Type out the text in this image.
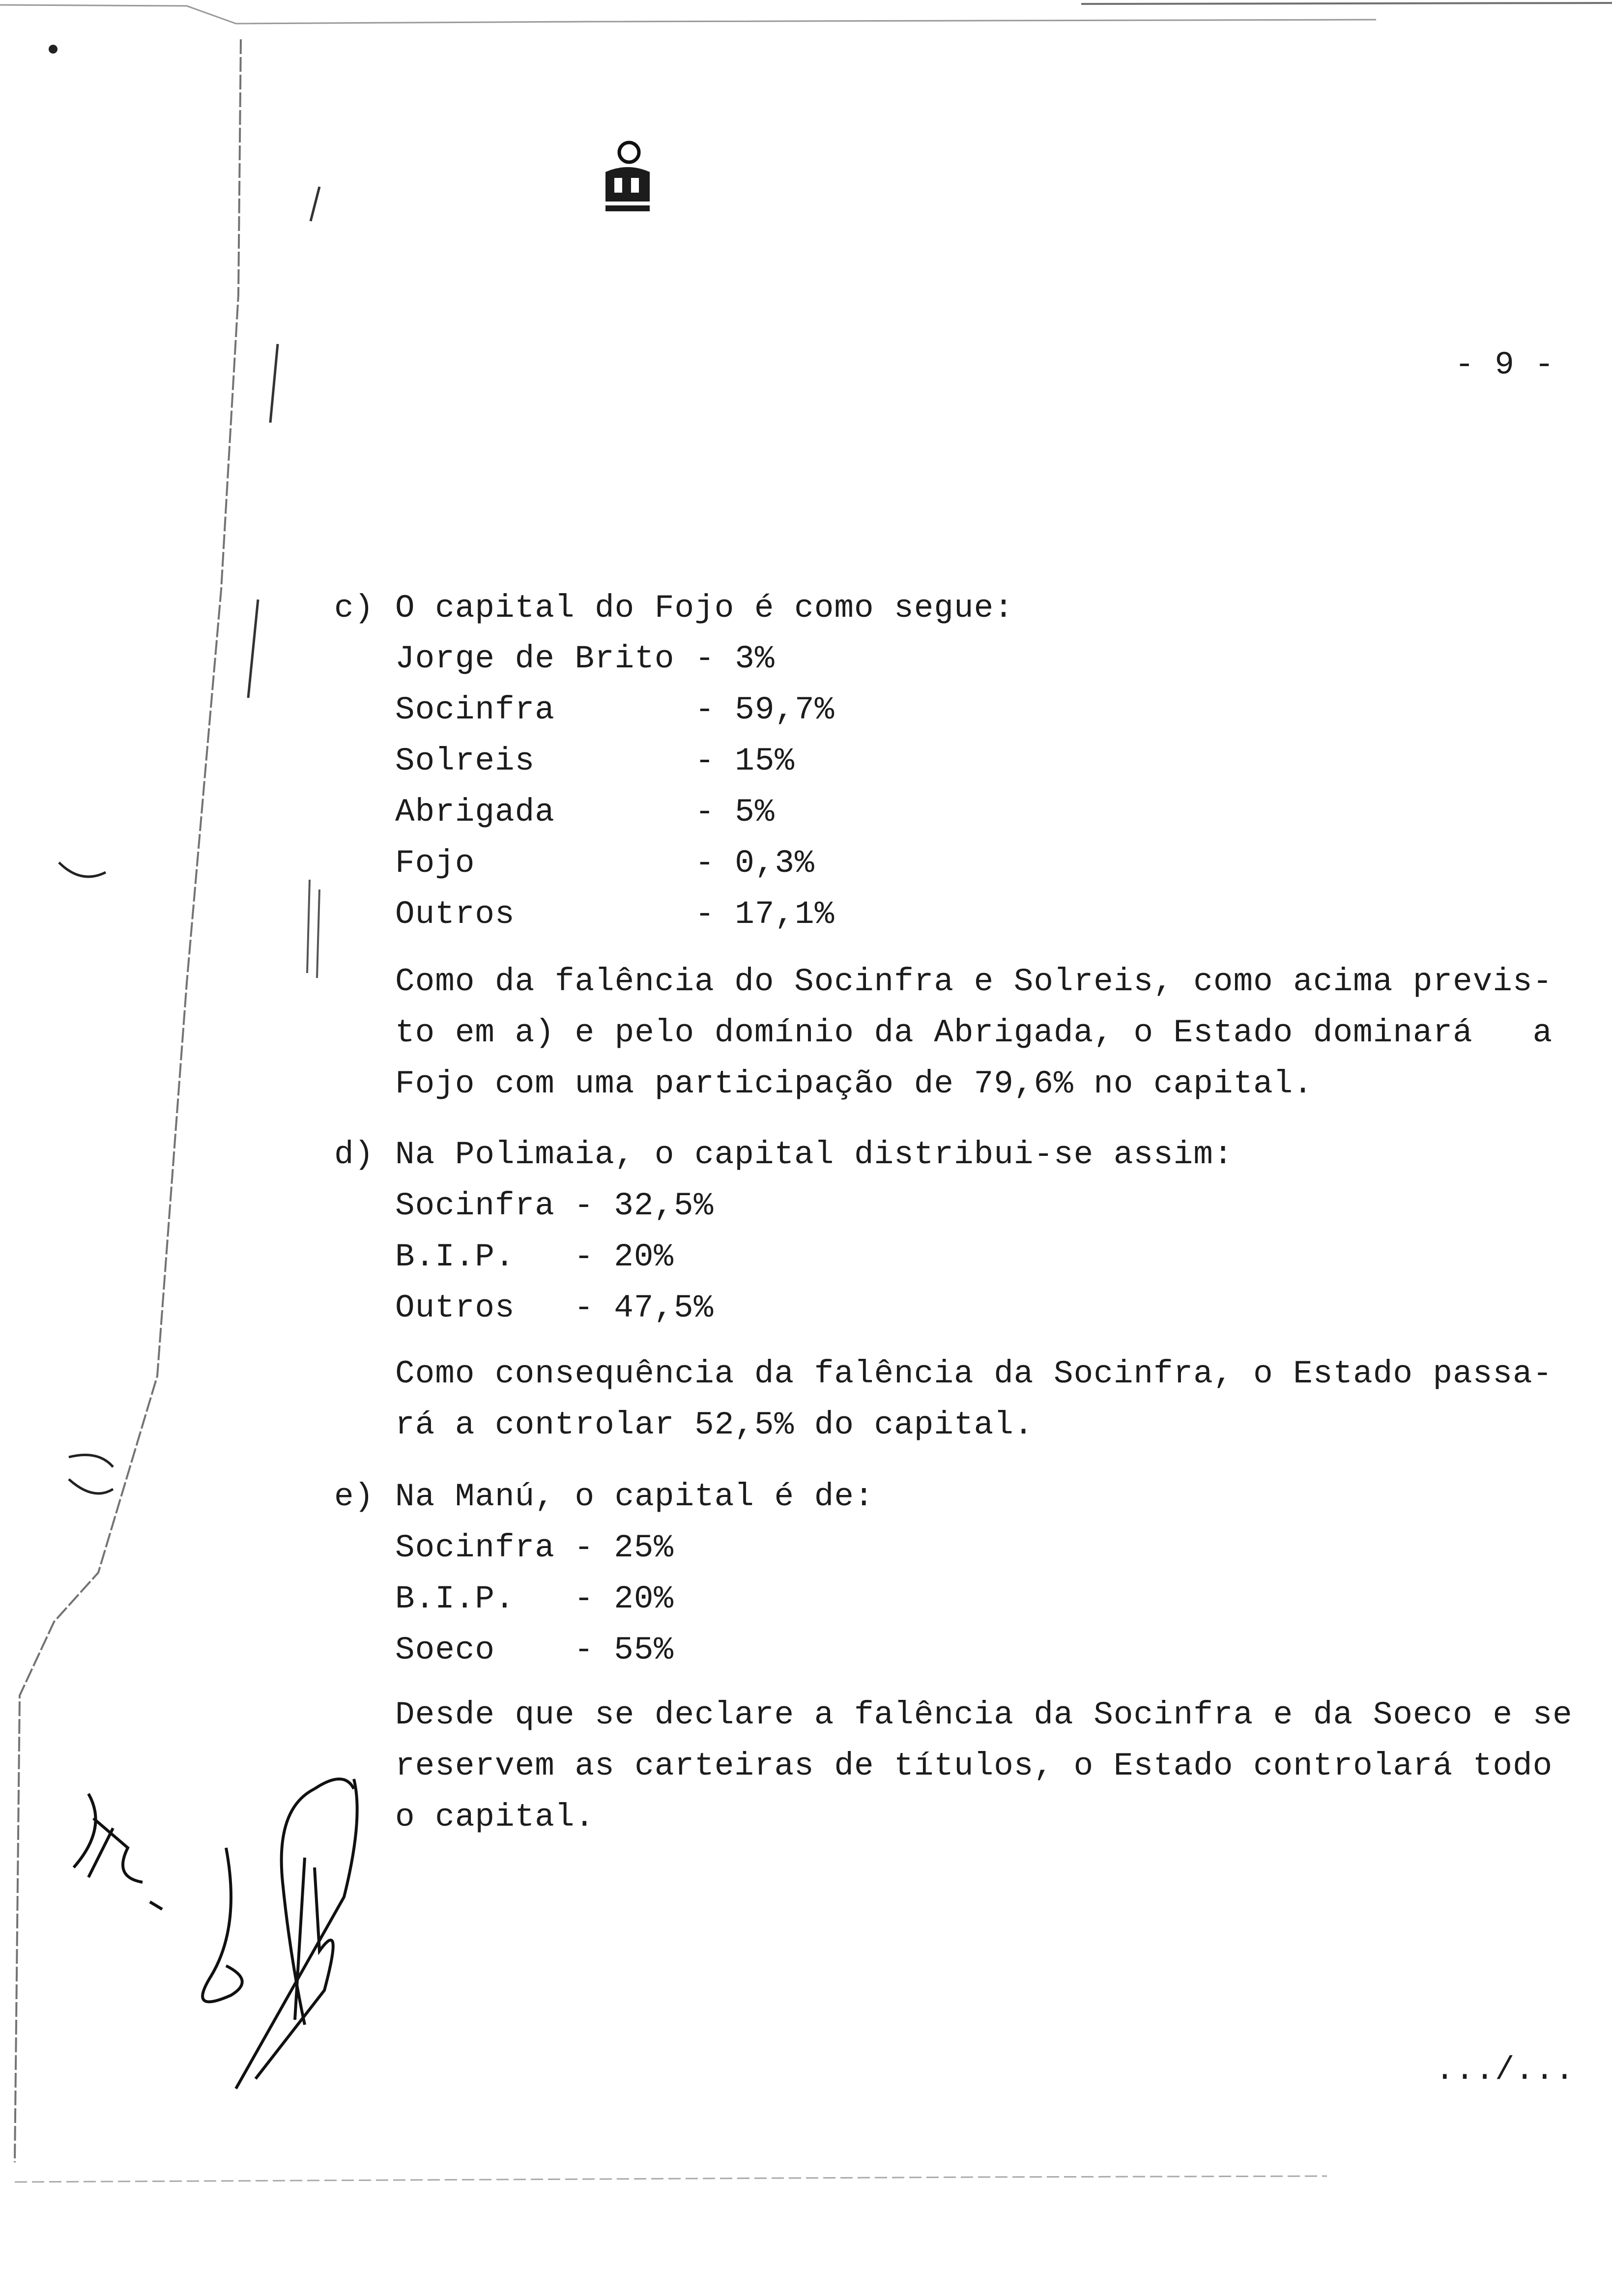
- 9 -
c) O capital do Fojo é como segue:
Jorge de Brito - 3%
Socinfra	- 59,7%
Solreis	- 15%
Abrigada	- 5%
Fojo	- 0,3%
Outros	- 17,1%
Como da falência do Socinfra e Solreis, como acima previs-
to em a) e pelo domínio da Abrigada, o Estado dominará   a
Fojo com uma participação de 79,6% no capital.
d) Na Polimaia, o capital distribui-se assim:
Socinfra - 32,5%
B.I.P. - 20%
Outros - 47,5%
Como consequência da falência da Socinfra, o Estado passa-
rá a controlar 52,5% do capital.
e) Na Manú, o capital é de:
Socinfra - 25%
B.I.P. - 20%
Soeco - 55%
Desde que se declare a falência da Socinfra e da Soeco e se
reservem as carteiras de títulos, o Estado controlará todo
o capital.
.../...
